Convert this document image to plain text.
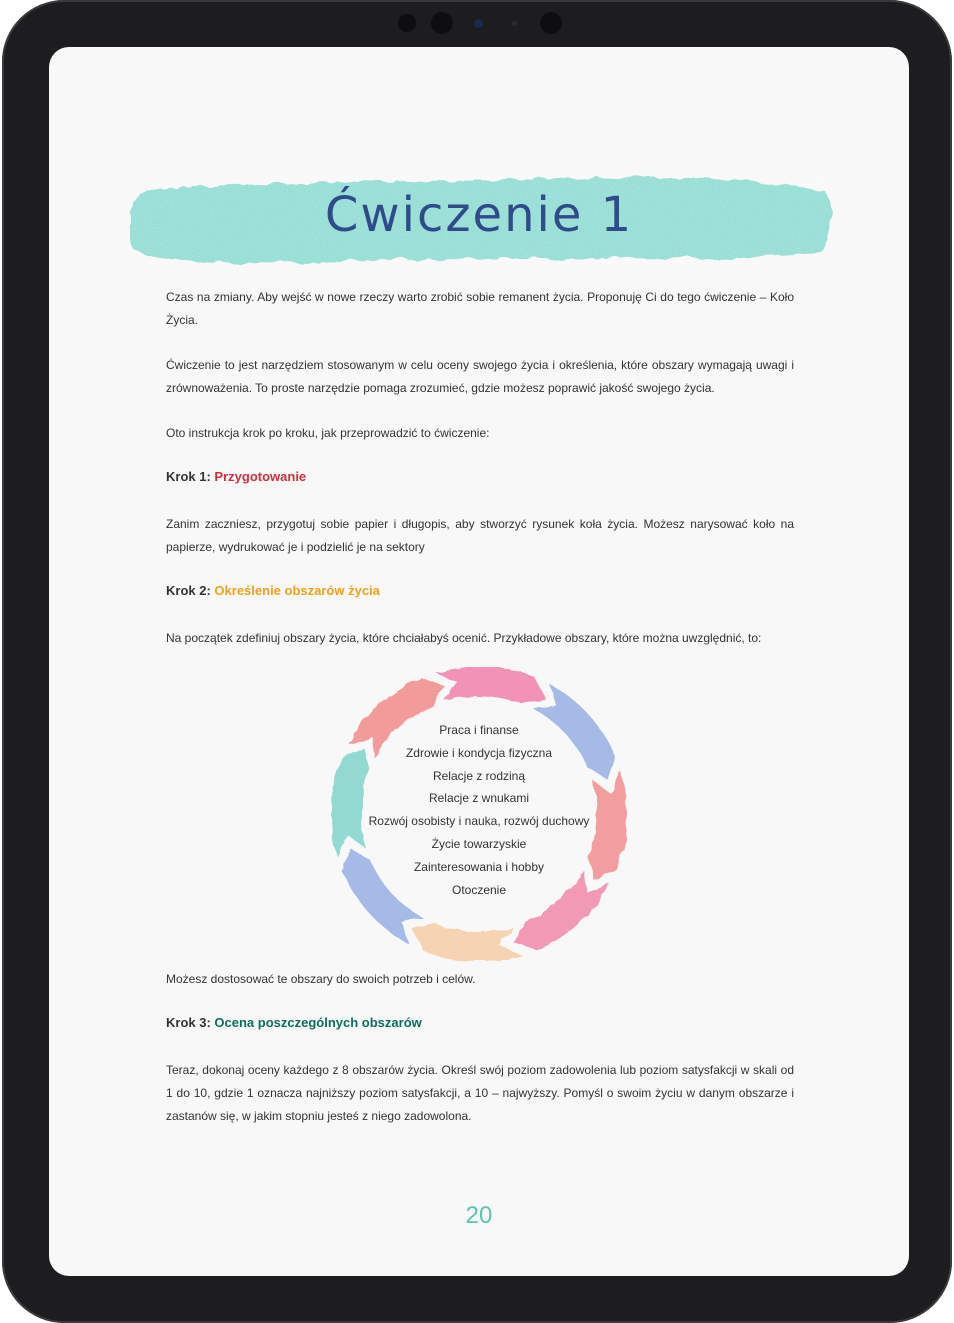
Ćwiczenie 1

Czas na zmiany. Aby wejść w nowe rzeczy warto zrobić sobie remanent życia. Proponuję Ci do tego ćwiczenie – Koło Życia.

Ćwiczenie to jest narzędziem stosowanym w celu oceny swojego życia i określenia, które obszary wymagają uwagi i zrównoważenia. To proste narzędzie pomaga zrozumieć, gdzie możesz poprawić jakość swojego życia.

Oto instrukcja krok po kroku, jak przeprowadzić to ćwiczenie:

Krok 1: Przygotowanie

Zanim zaczniesz, przygotuj sobie papier i długopis, aby stworzyć rysunek koła życia. Możesz narysować koło na papierze, wydrukować je i podzielić je na sektory

Krok 2: Określenie obszarów życia

Na początek zdefiniuj obszary życia, które chciałabyś ocenić. Przykładowe obszary, które można uwzględnić, to:

Praca i finanse
Zdrowie i kondycja fizyczna
Relacje z rodziną
Relacje z wnukami
Rozwój osobisty i nauka, rozwój duchowy
Życie towarzyskie
Zainteresowania i hobby
Otoczenie

Możesz dostosować te obszary do swoich potrzeb i celów.

Krok 3: Ocena poszczególnych obszarów

Teraz, dokonaj oceny każdego z 8 obszarów życia. Określ swój poziom zadowolenia lub poziom satysfakcji w skali od 1 do 10, gdzie 1 oznacza najniższy poziom satysfakcji, a 10 – najwyższy. Pomyśl o swoim życiu w danym obszarze i zastanów się, w jakim stopniu jesteś z niego zadowolona.

20
